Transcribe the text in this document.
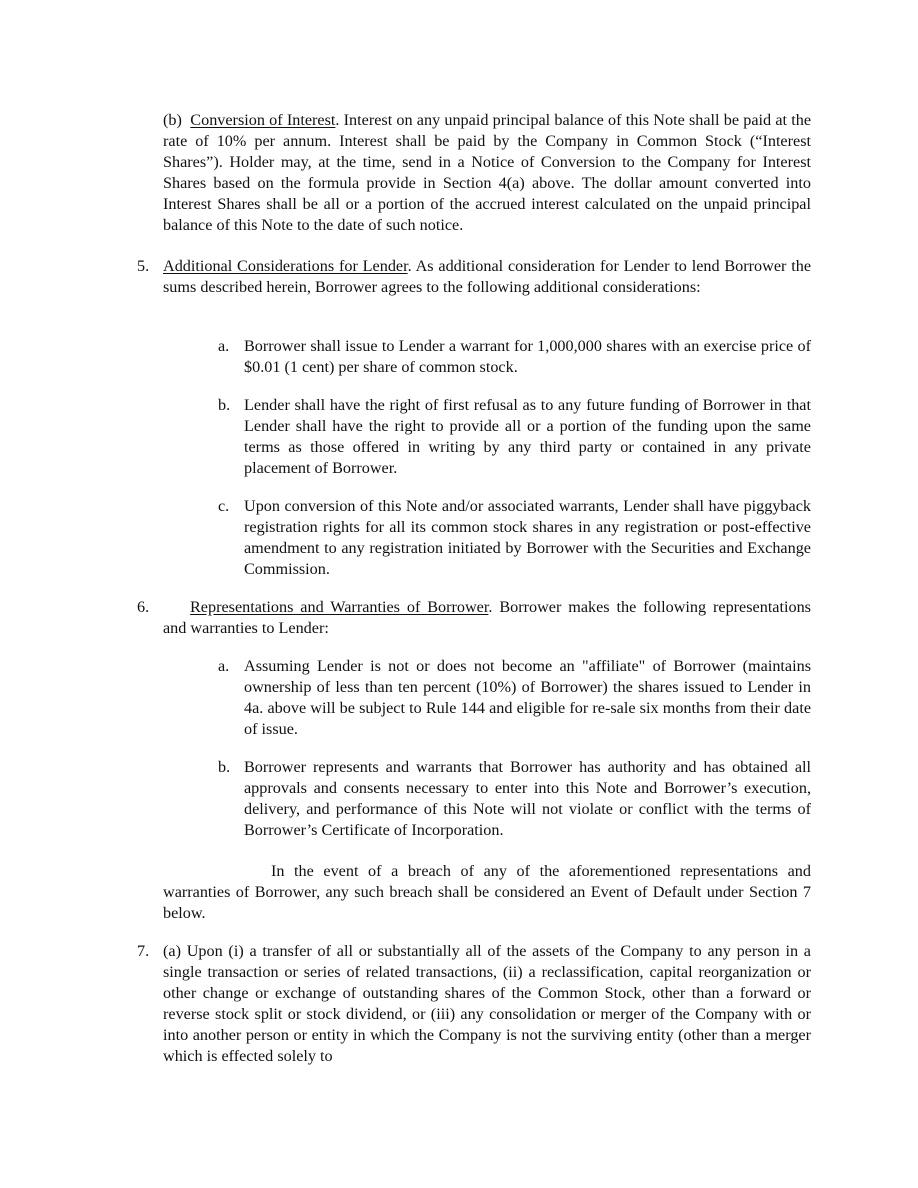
(b) Conversion of Interest. Interest on any unpaid principal balance of this Note shall be paid at the rate of 10% per annum. Interest shall be paid by the Company in Common Stock (“Interest Shares”). Holder may, at the time, send in a Notice of Conversion to the Company for Interest Shares based on the formula provide in Section 4(a) above. The dollar amount converted into Interest Shares shall be all or a portion of the accrued interest calculated on the unpaid principal balance of this Note to the date of such notice.

5. Additional Considerations for Lender. As additional consideration for Lender to lend Borrower the sums described herein, Borrower agrees to the following additional considerations:

a. Borrower shall issue to Lender a warrant for 1,000,000 shares with an exercise price of $0.01 (1 cent) per share of common stock.
b. Lender shall have the right of first refusal as to any future funding of Borrower in that Lender shall have the right to provide all or a portion of the funding upon the same terms as those offered in writing by any third party or contained in any private placement of Borrower.
c. Upon conversion of this Note and/or associated warrants, Lender shall have piggyback registration rights for all its common stock shares in any registration or post-effective amendment to any registration initiated by Borrower with the Securities and Exchange Commission.
6.	Representations and Warranties of Borrower. Borrower makes the following representations and warranties to Lender:

a. Assuming Lender is not or does not become an "affiliate" of Borrower (maintains ownership of less than ten percent (10%) of Borrower) the shares issued to Lender in 4a. above will be subject to Rule 144 and eligible for re-sale six months from their date of issue.
b. Borrower represents and warrants that Borrower has authority and has obtained all approvals and consents necessary to enter into this Note and Borrower’s execution, delivery, and performance of this Note will not violate or conflict with the terms of Borrower’s Certificate of Incorporation.
In the event of a breach of any of the aforementioned representations and warranties of Borrower, any such breach shall be considered an Event of Default under Section 7 below.
7. (a) Upon (i) a transfer of all or substantially all of the assets of the Company to any person in a single transaction or series of related transactions, (ii) a reclassification, capital reorganization or other change or exchange of outstanding shares of the Common Stock, other than a forward or reverse stock split or stock dividend, or (iii) any consolidation or merger of the Company with or into another person or entity in which the Company is not the surviving entity (other than a merger which is effected solely to
